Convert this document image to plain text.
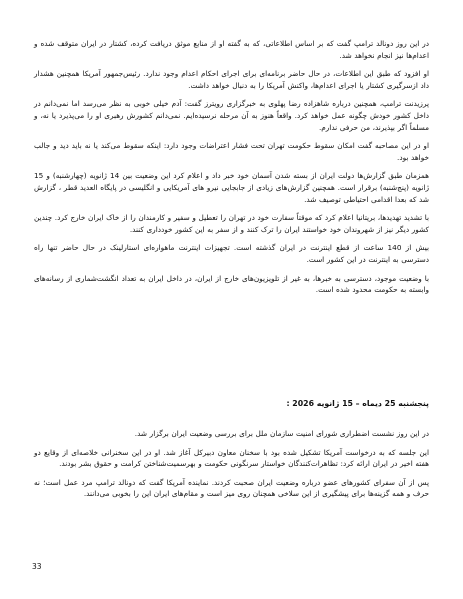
در این روز دونالد ترامپ گفت که بر اساس اطلاعاتی، که به گفته او از منابع موثق دریافت کرده، کشتار در ایران متوقف شده و اعدام‌ها نیز انجام نخواهد شد.

او افزود که طبق این اطلاعات، در حال حاضر برنامه‌ای برای اجرای احکام اعدام وجود ندارد. رئیس‌جمهور آمریکا همچنین هشدار داد ازسرگیری کشتار یا اجرای اعدام‌ها، واکنش آمریکا را به دنبال خواهد داشت.

پرزیدنت ترامپ، همچنین درباره شاهزاده رضا پهلوی به خبرگزاری رویترز گفت: آدم خیلی خوبی به نظر می‌رسد اما نمی‌دانم در داخل کشور خودش چگونه عمل خواهد کرد. واقعاً هنوز به آن مرحله نرسیده‌ایم. نمی‌دانم کشورش رهبری او را می‌پذیرد یا نه، و مسلماً اگر بپذیرند، من حرفی ندارم.

او در این مصاحبه گفت امکان سقوط حکومت تهران تحت فشار اعتراضات وجود دارد: اینکه سقوط می‌کند یا نه باید دید و جالب خواهد بود.

همزمان طبق گزارش‌ها دولت ایران از بسته شدن آسمان خود خبر داد و اعلام کرد این وضعیت بین 14 ژانویه (چهارشنبه) و 15 ژانویه (پنج‌شنبه) برقرار است. همچنین گزارش‌های زیادی از جابجایی نیرو های آمریکایی و انگلیسی در پایگاه العدید قطر ، گزارش شد که بعدا اقدامی احتیاطی توصیف شد.

با تشدید تهدیدها، بریتانیا اعلام کرد که موقتاً سفارت خود در تهران را تعطیل و سفیر و کارمندان را از خاک ایران خارج کرد. چندین کشور دیگر نیز از شهروندان خود خواستند ایران را ترک کنند و از سفر به این کشور خودداری کنند.

بیش از 140 ساعت از قطع اینترنت در ایران گذشته است. تجهیزات اینترنت ماهواره‌ای استارلینک در حال حاضر تنها راه دسترسی به اینترنت در این کشور است.

با وضعیت موجود، دسترسی به خبرها، به غیر از تلویزیون‌های خارج از ایران، در داخل ایران به تعداد انگشت‌شماری از رسانه‌های وابسته به حکومت محدود شده است.

پنجشنبه 25 دیماه – 15 ژانویه 2026 :

در این روز نشست اضطراری شورای امنیت سازمان ملل برای بررسی وضعیت ایران برگزار شد.

این جلسه که به درخواست آمریکا تشکیل شده بود با سخنان معاون دبیرکل آغاز شد. او در این سخنرانی خلاصه‌ای از وقایع دو هفته اخیر در ایران ارائه کرد: تظاهرات‌کنندگان خواستار سرنگونی حکومت و بهرسمیت‌شناختن کرامت و حقوق بشر بودند.

پس از آن سفرای کشورهای عضو درباره وضعیت ایران صحبت کردند. نماینده آمریکا گفت که دونالد ترامپ مرد عمل است؛ نه حرف و همه گزینه‌ها برای پیشگیری از این سلاخی همچنان روی میز است و مقام‌های ایران این را بخوبی می‌دانند.

33
